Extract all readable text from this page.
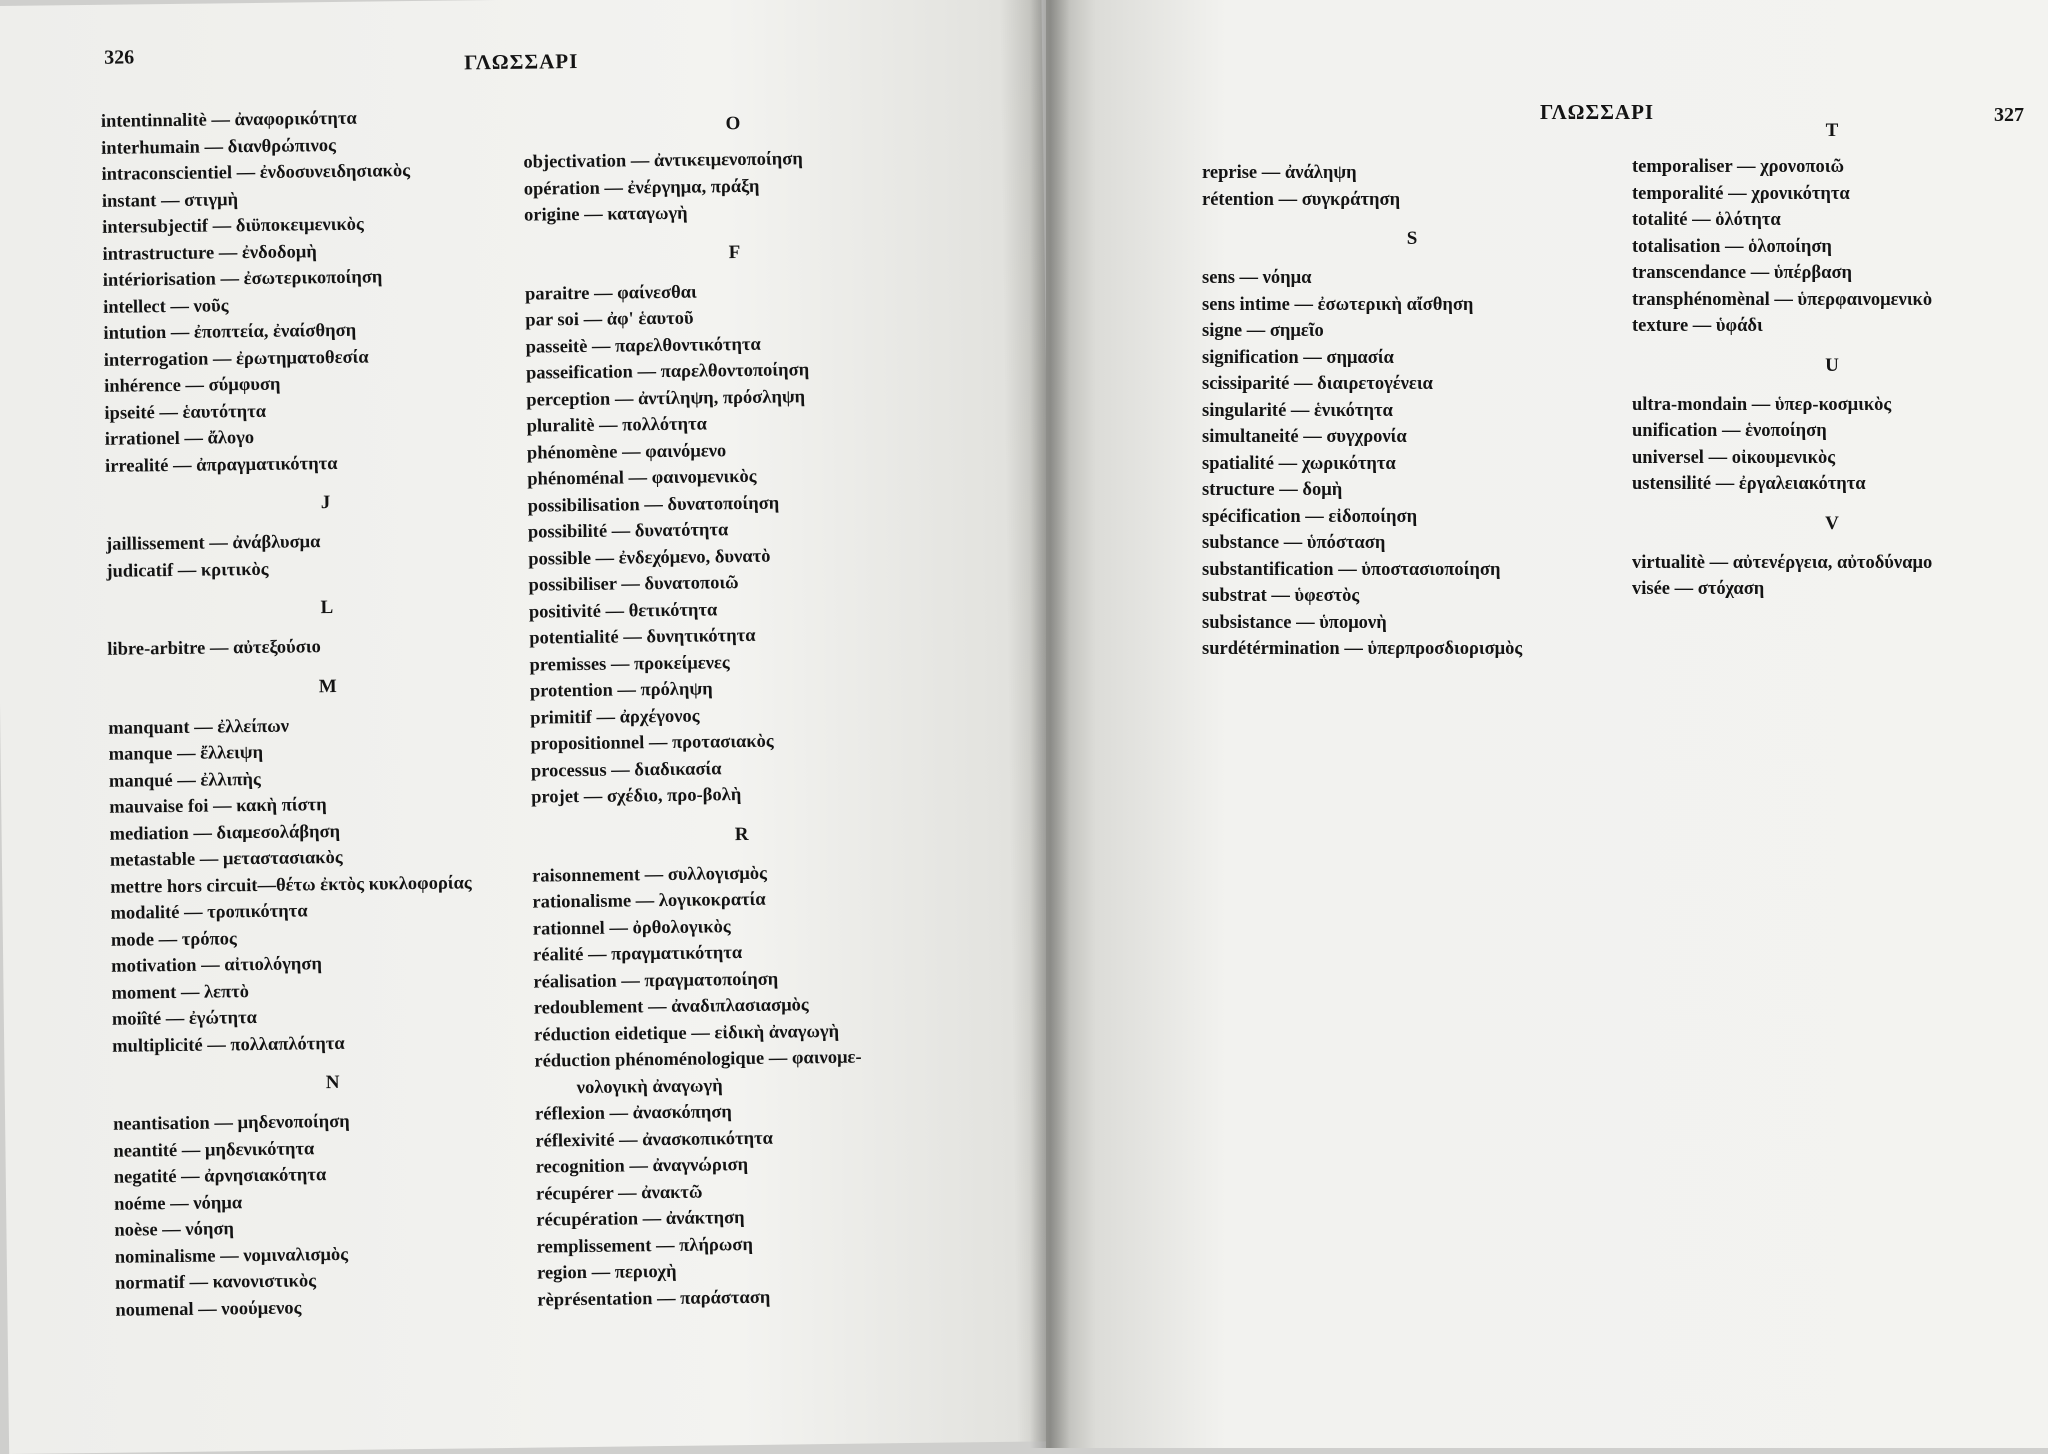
326	ΓΛΩΣΣΑΡΙ
intentinnalitè — ἀναφορικότητα
interhumain — διανθρώπινος
intraconscientiel — ἐνδοσυνειδησιακὸς
instant — στιγμὴ
intersubjectif — διϋποκειμενικὸς
intrastructure — ἐνδοδομὴ
intériorisation — ἐσωτερικοποίηση
intellect — νοῦς
intution — ἐποπτεία, ἐναίσθηση
interrogation — ἐρωτηματοθεσία
inhérence — σύμφυση
ipseité — ἑαυτότητα
irrationel — ἄλογο
irrealité — ἀπραγματικότητα
J
jaillissement — ἀνάβλυσμα
judicatif — κριτικὸς
L
libre-arbitre — αὐτεξούσιο
M
manquant — ἐλλείπων
manque — ἔλλειψη
manqué — ἐλλιπὴς
mauvaise foi — κακὴ πίστη
mediation — διαμεσολάβηση
metastable — μεταστασιακὸς
mettre hors circuit—θέτω ἐκτὸς κυκλοφορίας
modalité — τροπικότητα
mode — τρόπος
motivation — αἰτιολόγηση
moment — λεπτὸ
moiîté — ἐγώτητα
multiplicité — πολλαπλότητα
N
neantisation — μηδενοποίηση
neantité — μηδενικότητα
negatité — ἀρνησιακότητα
noéme — νόημα
noèse — νόηση
nominalisme — νομιναλισμὸς
normatif — κανονιστικὸς
noumenal — νοούμενος
O
objectivation — ἀντικειμενοποίηση
opération — ἐνέργημα, πράξη
origine — καταγωγὴ
F
paraitre — φαίνεσθαι
par soi — ἀφ' ἑαυτοῦ
passeitè — παρελθοντικότητα
passeification — παρελθοντοποίηση
perception — ἀντίληψη, πρόσληψη
pluralitè — πολλότητα
phénomène — φαινόμενο
phénoménal — φαινομενικὸς
possibilisation — δυνατοποίηση
possibilité — δυνατότητα
possible — ἐνδεχόμενο, δυνατὸ
possibiliser — δυνατοποιῶ
positivité — θετικότητα
potentialité — δυνητικότητα
premisses — προκείμενες
protention — πρόληψη
primitif — ἀρχέγονος
propositionnel — προτασιακὸς
processus — διαδικασία
projet — σχέδιο, προ-βολὴ
R
raisonnement — συλλογισμὸς
rationalisme — λογικοκρατία
rationnel — ὀρθολογικὸς
réalité — πραγματικότητα
réalisation — πραγματοποίηση
redoublement — ἀναδιπλασιασμὸς
réduction eidetique — εἰδικὴ ἀναγωγὴ
réduction phénoménologique — φαινομε-
νολογικὴ ἀναγωγὴ
réflexion — ἀνασκόπηση
réflexivité — ἀνασκοπικότητα
recognition — ἀναγνώριση
récupérer — ἀνακτῶ
récupération — ἀνάκτηση
remplissement — πλήρωση
region — περιοχὴ
rèprésentation — παράσταση
ΓΛΩΣΣΑΡΙ	327
reprise — ἀνάληψη
rétention — συγκράτηση
S
sens — νόημα
sens intime — ἐσωτερικὴ αἴσθηση
signe — σημεῖο
signification — σημασία
scissiparité — διαιρετογένεια
singularité — ἑνικότητα
simultaneité — συγχρονία
spatialité — χωρικότητα
structure — δομὴ
spécification — εἰδοποίηση
substance — ὑπόσταση
substantification — ὑποστασιοποίηση
substrat — ὑφεστὸς
subsistance — ὑπομονὴ
surdétérmination — ὑπερπροσδιορισμὸς
T
temporaliser — χρονοποιῶ
temporalité — χρονικότητα
totalité — ὁλότητα
totalisation — ὁλοποίηση
transcendance — ὑπέρβαση
transphénomènal — ὑπερφαινομενικὸ
texture — ὑφάδι
U
ultra-mondain — ὑπερ-κοσμικὸς
unification — ἑνοποίηση
universel — οἰκουμενικὸς
ustensilité — ἐργαλειακότητα
V
virtualitè — αὐτενέργεια, αὐτοδύναμο
visée — στόχαση
